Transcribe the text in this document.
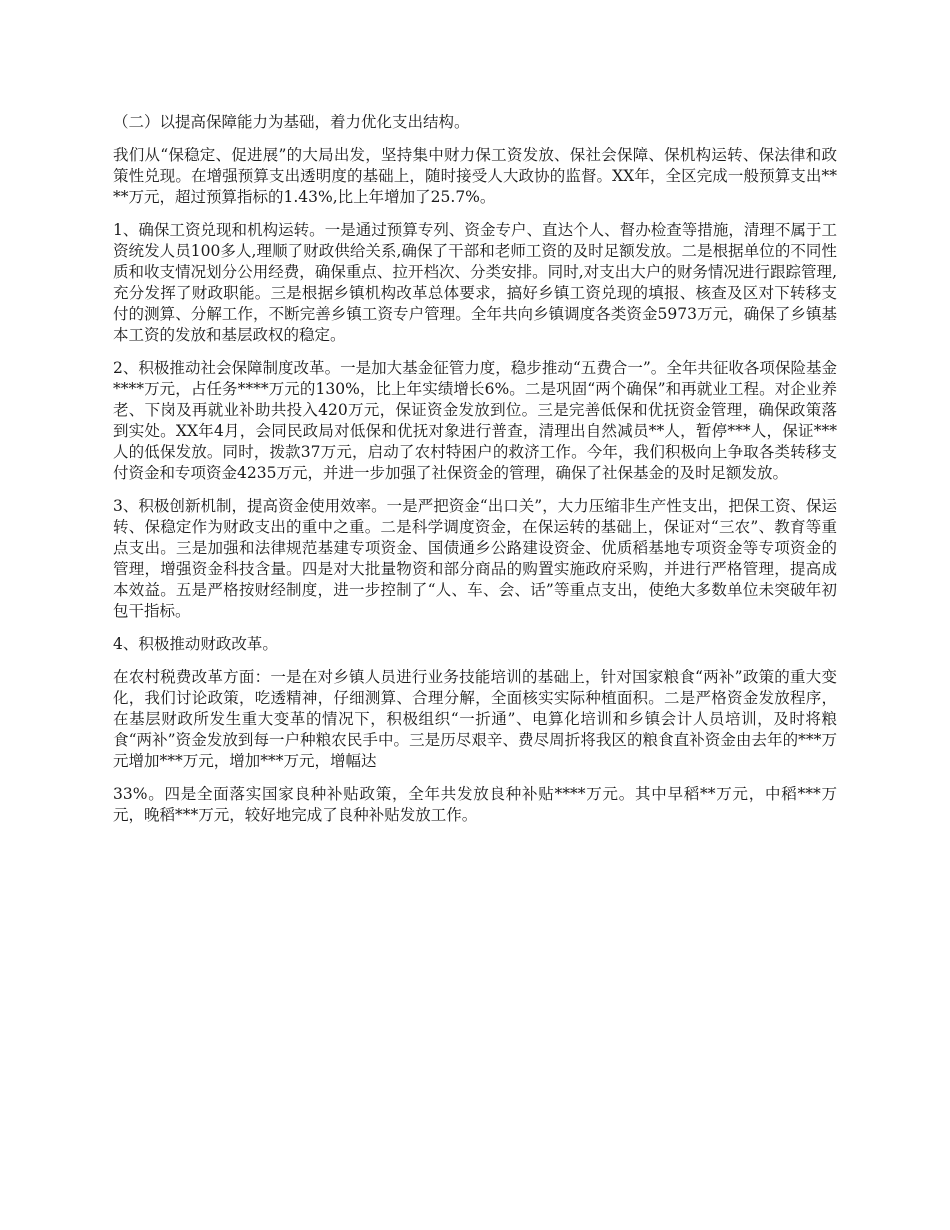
（二）以提高保障能力为基础，着力优化支出结构。

我们从“保稳定、促进展”的大局出发，坚持集中财力保工资发放、保社会保障、保机构运转、保法律和政策性兑现。在增强预算支出透明度的基础上，随时接受人大政协的监督。XX年，全区完成一般预算支出****万元，超过预算指标的1.43%,比上年增加了25.7%。

1、确保工资兑现和机构运转。一是通过预算专列、资金专户、直达个人、督办检查等措施，清理不属于工资统发人员100多人,理顺了财政供给关系,确保了干部和老师工资的及时足额发放。二是根据单位的不同性质和收支情况划分公用经费，确保重点、拉开档次、分类安排。同时,对支出大户的财务情况进行跟踪管理,充分发挥了财政职能。三是根据乡镇机构改革总体要求，搞好乡镇工资兑现的填报、核查及区对下转移支付的测算、分解工作，不断完善乡镇工资专户管理。全年共向乡镇调度各类资金5973万元，确保了乡镇基本工资的发放和基层政权的稳定。

2、积极推动社会保障制度改革。一是加大基金征管力度，稳步推动“五费合一”。全年共征收各项保险基金****万元，占任务****万元的130%，比上年实绩增长6%。二是巩固“两个确保”和再就业工程。对企业养老、下岗及再就业补助共投入420万元，保证资金发放到位。三是完善低保和优抚资金管理，确保政策落到实处。XX年4月，会同民政局对低保和优抚对象进行普查，清理出自然减员**人，暂停***人，保证***人的低保发放。同时，拨款37万元，启动了农村特困户的救济工作。今年，我们积极向上争取各类转移支付资金和专项资金4235万元，并进一步加强了社保资金的管理，确保了社保基金的及时足额发放。

3、积极创新机制，提高资金使用效率。一是严把资金“出口关”，大力压缩非生产性支出，把保工资、保运转、保稳定作为财政支出的重中之重。二是科学调度资金，在保运转的基础上，保证对“三农”、教育等重点支出。三是加强和法律规范基建专项资金、国债通乡公路建设资金、优质稻基地专项资金等专项资金的管理，增强资金科技含量。四是对大批量物资和部分商品的购置实施政府采购，并进行严格管理，提高成本效益。五是严格按财经制度，进一步控制了“人、车、会、话”等重点支出，使绝大多数单位未突破年初包干指标。

4、积极推动财政改革。

在农村税费改革方面：一是在对乡镇人员进行业务技能培训的基础上，针对国家粮食“两补”政策的重大变化，我们讨论政策，吃透精神，仔细测算、合理分解，全面核实实际种植面积。二是严格资金发放程序，在基层财政所发生重大变革的情况下，积极组织“一折通”、电算化培训和乡镇会计人员培训，及时将粮食“两补”资金发放到每一户种粮农民手中。三是历尽艰辛、费尽周折将我区的粮食直补资金由去年的***万元增加***万元，增加***万元，增幅达

33%。四是全面落实国家良种补贴政策，全年共发放良种补贴****万元。其中早稻**万元，中稻***万元，晚稻***万元，较好地完成了良种补贴发放工作。
